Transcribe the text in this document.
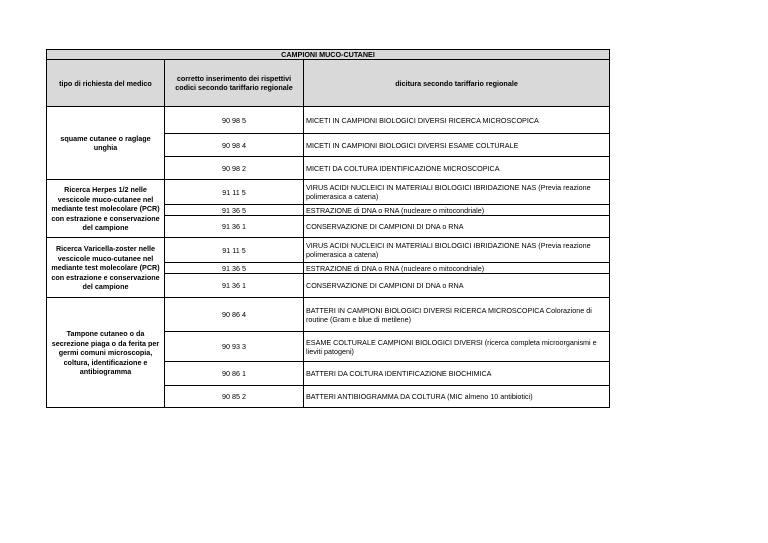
CAMPIONI MUCO-CUTANEI		
tipo di richiesta del medico	corretto inserimento dei rispettivi codici secondo tariffario regionale	dicitura secondo tariffario regionale
squame cutanee o raglage unghia	90 98 5	MICETI IN CAMPIONI BIOLOGICI DIVERSI RICERCA MICROSCOPICA
	90 98 4	MICETI IN CAMPIONI BIOLOGICI DIVERSI ESAME COLTURALE
	90 98 2	MICETI DA COLTURA IDENTIFICAZIONE MICROSCOPICA
Ricerca Herpes 1/2 nelle vescicole muco-cutanee nel mediante test molecolare (PCR) con estrazione e conservazione del campione	91 11 5	VIRUS ACIDI NUCLEICI IN MATERIALI BIOLOGICI IBRIDAZIONE NAS (Previa reazione polimerasica a catena)
	91 36 5	ESTRAZIONE di DNA o RNA (nucleare o mitocondriale)
	91 36 1	CONSERVAZIONE DI CAMPIONI DI DNA o RNA
Ricerca Varicella-zoster nelle vescicole muco-cutanee nel mediante test molecolare (PCR) con estrazione e conservazione del campione	91 11 5	VIRUS ACIDI NUCLEICI IN MATERIALI BIOLOGICI IBRIDAZIONE NAS (Previa reazione polimerasica a catena)
	91 36 5	ESTRAZIONE di DNA o RNA (nucleare o mitocondriale)
	91 36 1	CONSERVAZIONE DI CAMPIONI DI DNA o RNA
Tampone cutaneo o da secrezione piaga o da ferita per germi comuni microscopia, coltura, identificazione e antibiogramma	90 86 4	BATTERI IN CAMPIONI BIOLOGICI DIVERSI RICERCA MICROSCOPICA Colorazione di routine (Gram e blue di metilene)
	90 93 3	ESAME COLTURALE CAMPIONI BIOLOGICI DIVERSI (ricerca completa microorganismi e lieviti patogeni)
	90 86 1	BATTERI DA COLTURA IDENTIFICAZIONE BIOCHIMICA
	90 85 2	BATTERI ANTIBIOGRAMMA DA COLTURA (MIC almeno 10 antibiotici)
